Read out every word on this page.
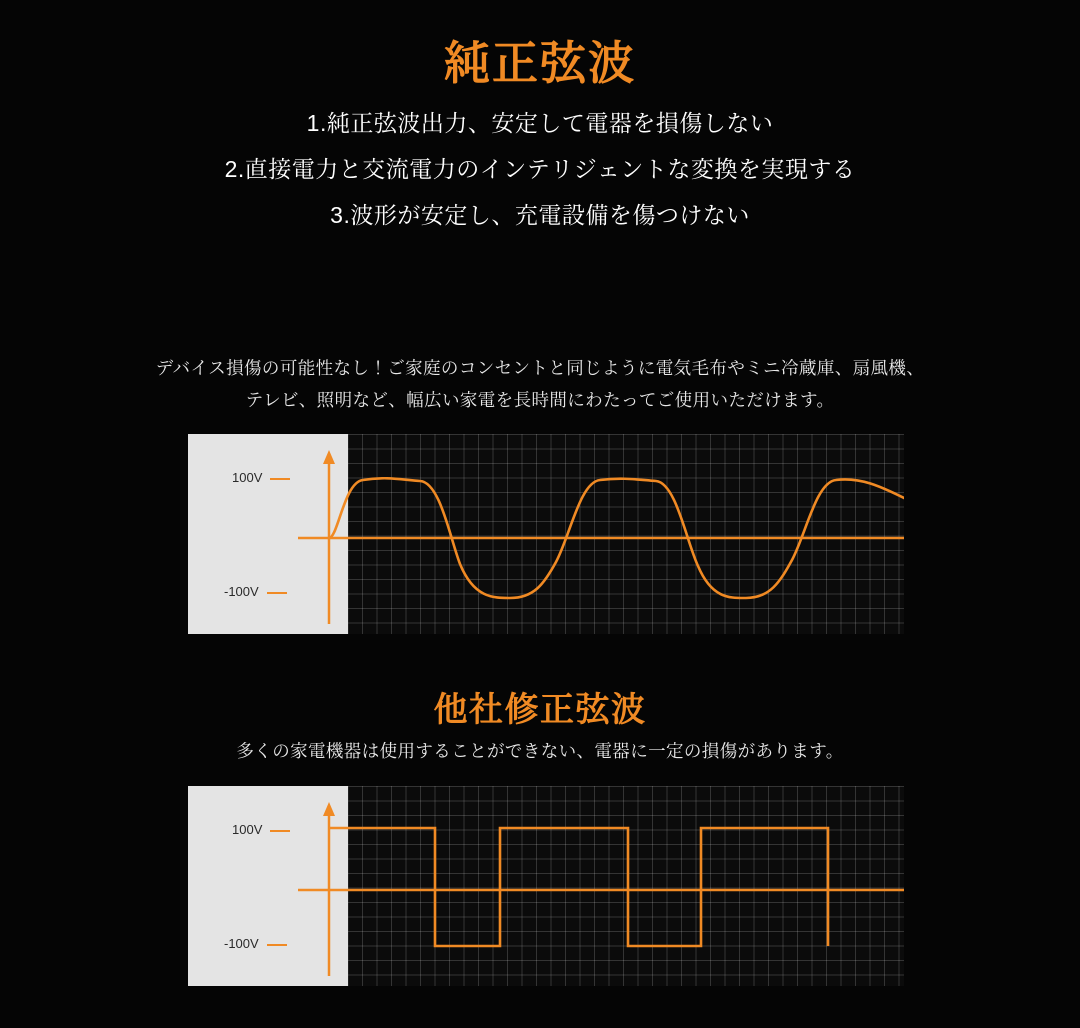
純正弦波

1.純正弦波出力、安定して電器を損傷しない

2.直接電力と交流電力のインテリジェントな変換を実現する

3.波形が安定し、充電設備を傷つけない

デバイス損傷の可能性なし！ご家庭のコンセントと同じように電気毛布やミニ冷蔵庫、扇風機、
テレビ、照明など、幅広い家電を長時間にわたってご使用いただけます。
100V
-100V
他社修正弦波
多くの家電機器は使用することができない、電器に一定の損傷があります。
100V
-100V
